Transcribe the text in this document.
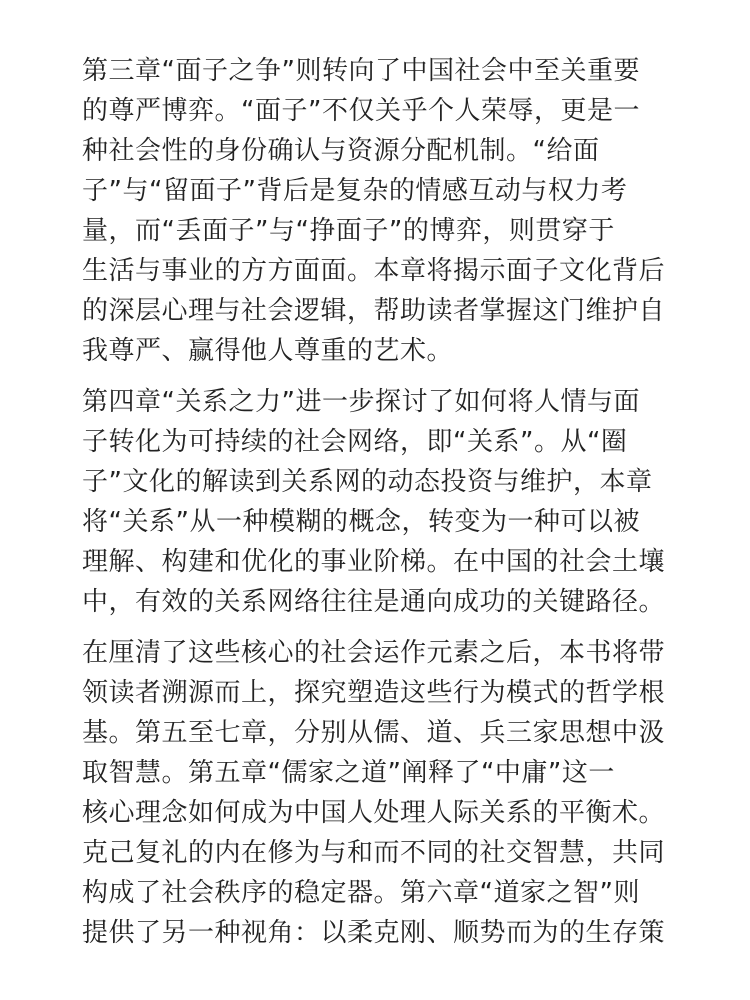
第三章“面子之争”则转向了中国社会中至关重要
的尊严博弈。“面子”不仅关乎个人荣辱，更是一
种社会性的身份确认与资源分配机制。“给面
子”与“留面子”背后是复杂的情感互动与权力考
量，而“丢面子”与“挣面子”的博弈，则贯穿于
生活与事业的方方面面。本章将揭示面子文化背后
的深层心理与社会逻辑，帮助读者掌握这门维护自
我尊严、赢得他人尊重的艺术。
第四章“关系之力”进一步探讨了如何将人情与面
子转化为可持续的社会网络，即“关系”。从“圈
子”文化的解读到关系网的动态投资与维护，本章
将“关系”从一种模糊的概念，转变为一种可以被
理解、构建和优化的事业阶梯。在中国的社会土壤
中，有效的关系网络往往是通向成功的关键路径。
在厘清了这些核心的社会运作元素之后，本书将带
领读者溯源而上，探究塑造这些行为模式的哲学根
基。第五至七章，分别从儒、道、兵三家思想中汲
取智慧。第五章“儒家之道”阐释了“中庸”这一
核心理念如何成为中国人处理人际关系的平衡术。
克己复礼的内在修为与和而不同的社交智慧，共同
构成了社会秩序的稳定器。第六章“道家之智”则
提供了另一种视角：以柔克刚、顺势而为的生存策
